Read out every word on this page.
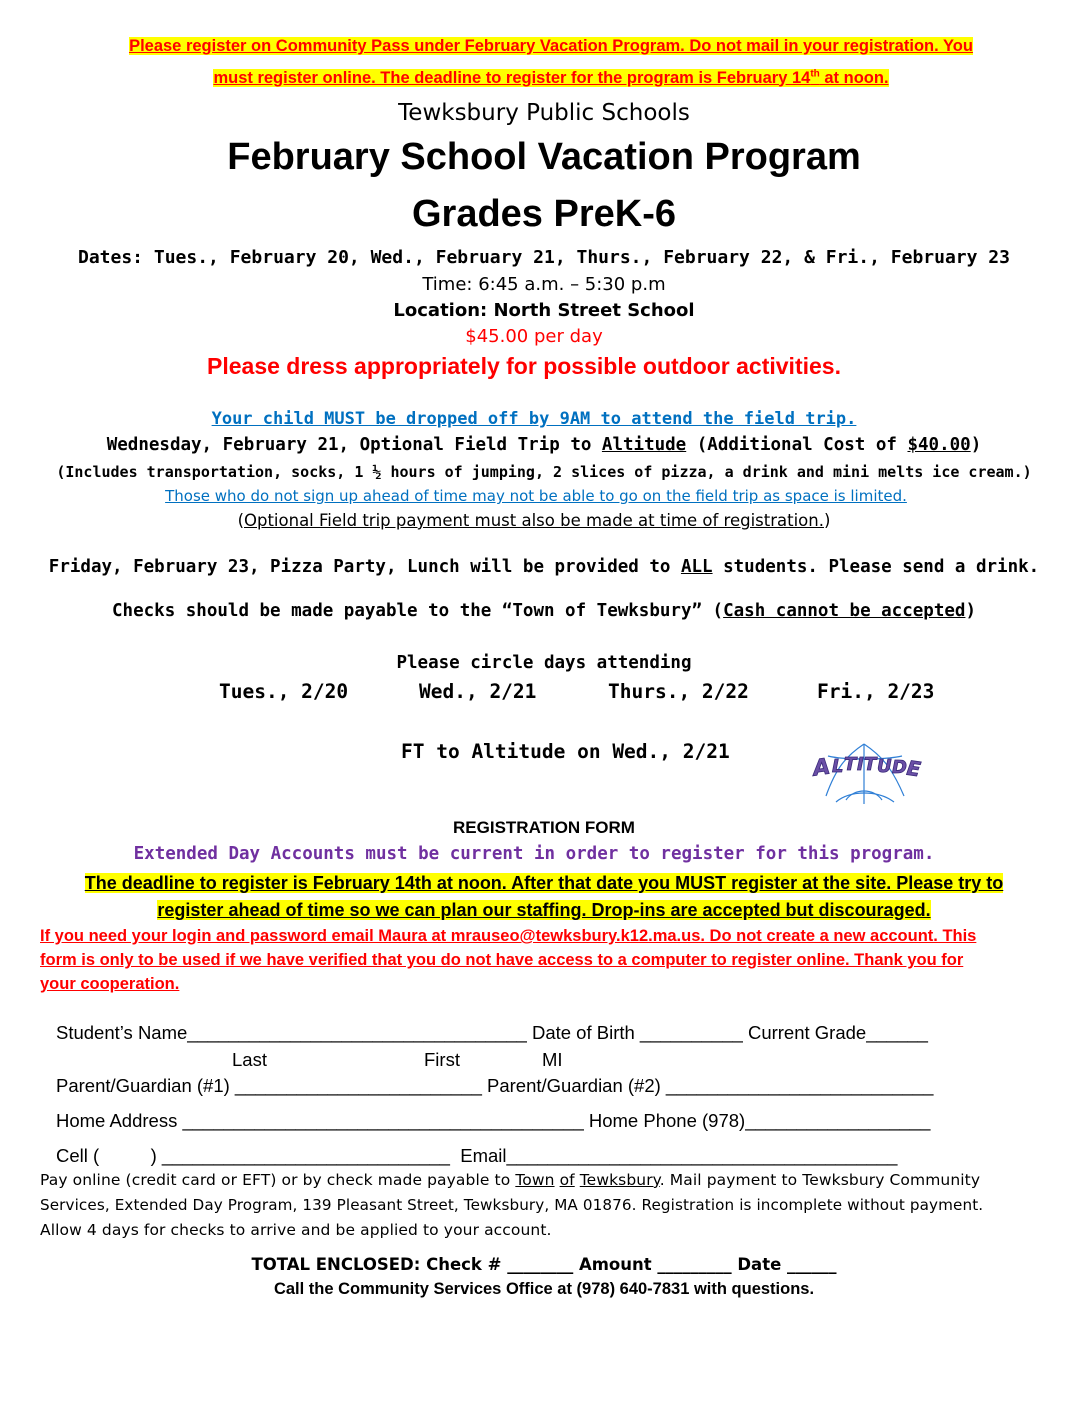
Please register on Community Pass under February Vacation Program. Do not mail in your registration. You
must register online. The deadline to register for the program is February 14th at noon.
Tewksbury Public Schools
February School Vacation Program
Grades PreK-6
Dates: Tues., February 20, Wed., February 21, Thurs., February 22, & Fri., February 23
Time: 6:45 a.m. – 5:30 p.m
Location: North Street School
$45.00 per day
Please dress appropriately for possible outdoor activities.
Your child MUST be dropped off by 9AM to attend the field trip.
Wednesday, February 21, Optional Field Trip to Altitude (Additional Cost of $40.00)
(Includes transportation, socks, 1 ½ hours of jumping, 2 slices of pizza, a drink and mini melts ice cream.)
Those who do not sign up ahead of time may not be able to go on the field trip as space is limited.
(Optional Field trip payment must also be made at time of registration.)
Friday, February 23, Pizza Party, Lunch will be provided to ALL students. Please send a drink.
Checks should be made payable to the “Town of Tewksbury” (Cash cannot be accepted)
Please circle days attending
Tues., 2/20	Wed., 2/21	Thurs., 2/22	Fri., 2/23
FT to Altitude on Wed., 2/21
A L T I T U D
E
REGISTRATION FORM
Extended Day Accounts must be current in order to register for this program.
The deadline to register is February 14th at noon. After that date you MUST register at the site. Please try to
register ahead of time so we can plan our staffing. Drop-ins are accepted but discouraged.
If you need your login and password email Maura at mrauseo@tewksbury.k12.ma.us. Do not create a new account. This
form is only to be used if we have verified that you do not have access to a computer to register online. Thank you for
your cooperation.
Student’s Name_________________________________ Date of Birth __________ Current Grade______
Last	First	MI
Parent/Guardian (#1) ________________________ Parent/Guardian (#2) __________________________
Home Address _______________________________________ Home Phone (978)__________________
Cell (          ) ____________________________  Email______________________________________
Pay online (credit card or EFT) or by check made payable to Town of Tewksbury. Mail payment to Tewksbury Community
Services, Extended Day Program, 139 Pleasant Street, Tewksbury, MA 01876. Registration is incomplete without payment.
Allow 4 days for checks to arrive and be applied to your account.
TOTAL ENCLOSED: Check # ________ Amount _________ Date ______
Call the Community Services Office at (978) 640-7831 with questions.
